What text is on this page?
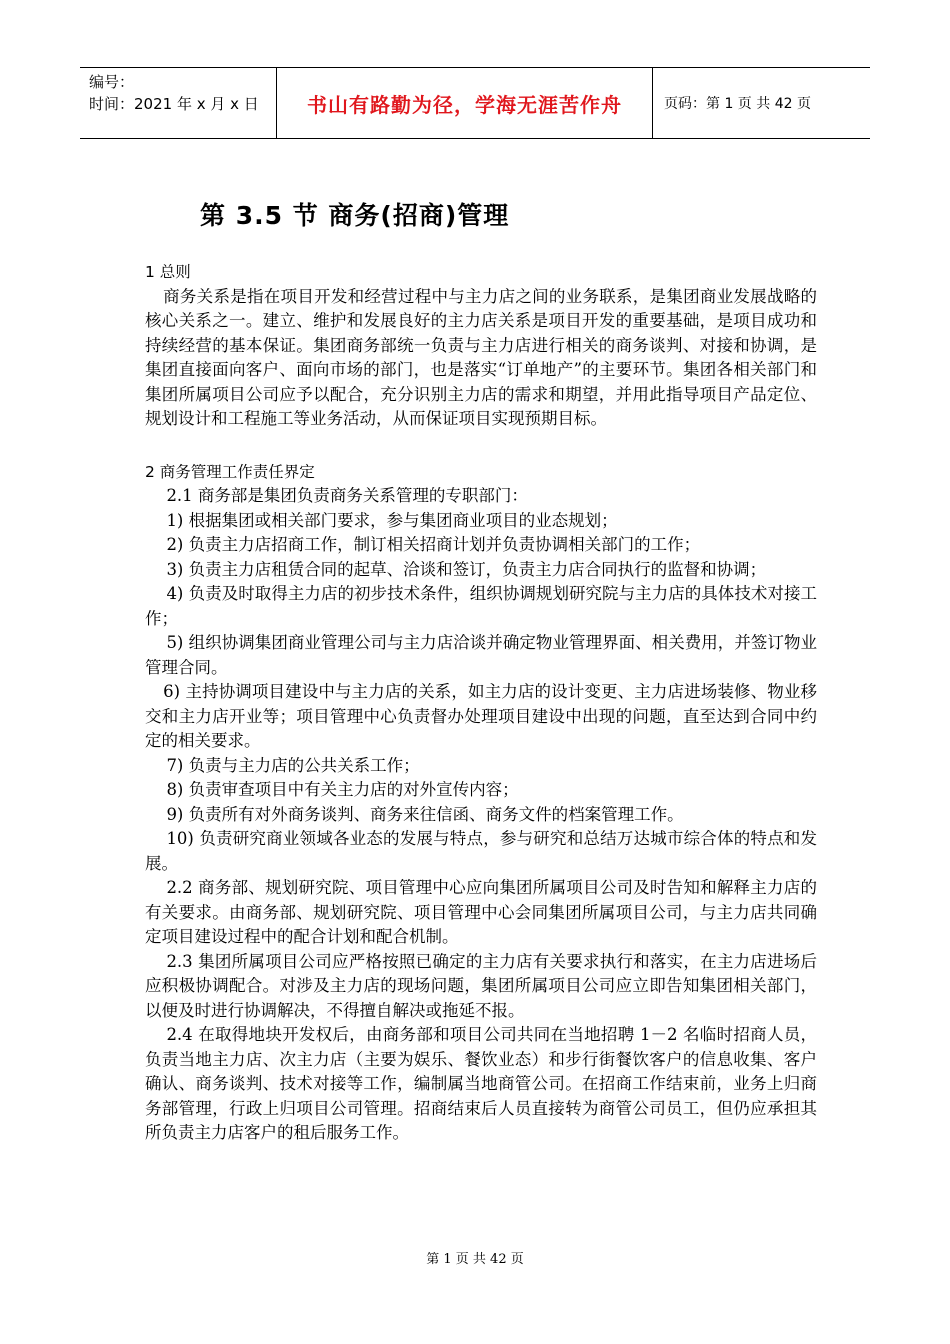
编号：
时间：2021 年 x 月 x 日	书山有路勤为径，学海无涯苦作舟	页码：第 1 页 共 42 页
第 3.5 节 商务(招商)管理

1 总则

商务关系是指在项目开发和经营过程中与主力店之间的业务联系，是集团商业发展战略的核心关系之一。建立、维护和发展良好的主力店关系是项目开发的重要基础，是项目成功和持续经营的基本保证。集团商务部统一负责与主力店进行相关的商务谈判、对接和协调，是集团直接面向客户、面向市场的部门，也是落实“订单地产”的主要环节。集团各相关部门和集团所属项目公司应予以配合，充分识别主力店的需求和期望，并用此指导项目产品定位、规划设计和工程施工等业务活动，从而保证项目实现预期目标。

2 商务管理工作责任界定

2.1 商务部是集团负责商务关系管理的专职部门：

1) 根据集团或相关部门要求，参与集团商业项目的业态规划；

2) 负责主力店招商工作，制订相关招商计划并负责协调相关部门的工作；

3) 负责主力店租赁合同的起草、洽谈和签订，负责主力店合同执行的监督和协调；

4) 负责及时取得主力店的初步技术条件，组织协调规划研究院与主力店的具体技术对接工作；

5) 组织协调集团商业管理公司与主力店洽谈并确定物业管理界面、相关费用，并签订物业管理合同。

6) 主持协调项目建设中与主力店的关系，如主力店的设计变更、主力店进场装修、物业移交和主力店开业等；项目管理中心负责督办处理项目建设中出现的问题，直至达到合同中约定的相关要求。

7) 负责与主力店的公共关系工作；

8) 负责审查项目中有关主力店的对外宣传内容；

9) 负责所有对外商务谈判、商务来往信函、商务文件的档案管理工作。

10) 负责研究商业领域各业态的发展与特点，参与研究和总结万达城市综合体的特点和发展。

2.2 商务部、规划研究院、项目管理中心应向集团所属项目公司及时告知和解释主力店的有关要求。由商务部、规划研究院、项目管理中心会同集团所属项目公司，与主力店共同确定项目建设过程中的配合计划和配合机制。

2.3 集团所属项目公司应严格按照已确定的主力店有关要求执行和落实，在主力店进场后应积极协调配合。对涉及主力店的现场问题，集团所属项目公司应立即告知集团相关部门，以便及时进行协调解决，不得擅自解决或拖延不报。

2.4 在取得地块开发权后，由商务部和项目公司共同在当地招聘 1－2 名临时招商人员，负责当地主力店、次主力店（主要为娱乐、餐饮业态）和步行街餐饮客户的信息收集、客户确认、商务谈判、技术对接等工作，编制属当地商管公司。在招商工作结束前，业务上归商务部管理，行政上归项目公司管理。招商结束后人员直接转为商管公司员工，但仍应承担其所负责主力店客户的租后服务工作。

第 1 页 共 42 页
